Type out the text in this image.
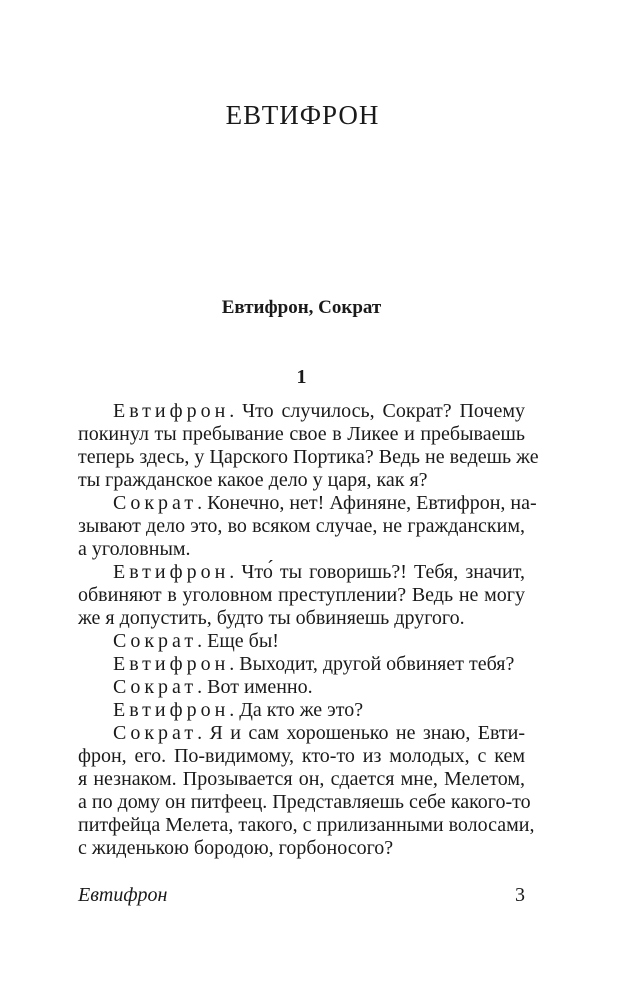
ЕВТИФРОН
Евтифрон, Сократ
1
Евтифрон. Что случилось, Сократ? Почему
покинул ты пребывание свое в Ликее и пребываешь
теперь здесь, у Царского Портика? Ведь не ведешь же
ты гражданское какое дело у царя, как я?
Сократ. Конечно, нет! Афиняне, Евтифрон, на-
зывают дело это, во всяком случае, не гражданским,
а уголовным.
Евтифрон. Что́ ты говоришь?! Тебя, значит,
обвиняют в уголовном преступлении? Ведь не могу
же я допустить, будто ты обвиняешь другого.
Сократ. Еще бы!
Евтифрон. Выходит, другой обвиняет тебя?
Сократ. Вот именно.
Евтифрон. Да кто же это?
Сократ. Я и сам хорошенько не знаю, Евти-
фрон, его. По-видимому, кто-то из молодых, с кем
я незнаком. Прозывается он, сдается мне, Мелетом,
а по дому он питфеец. Представляешь себе какого-то
питфейца Мелета, такого, с прилизанными волосами,
с жиденькою бородою, горбоносого?
Евтифрон	3
